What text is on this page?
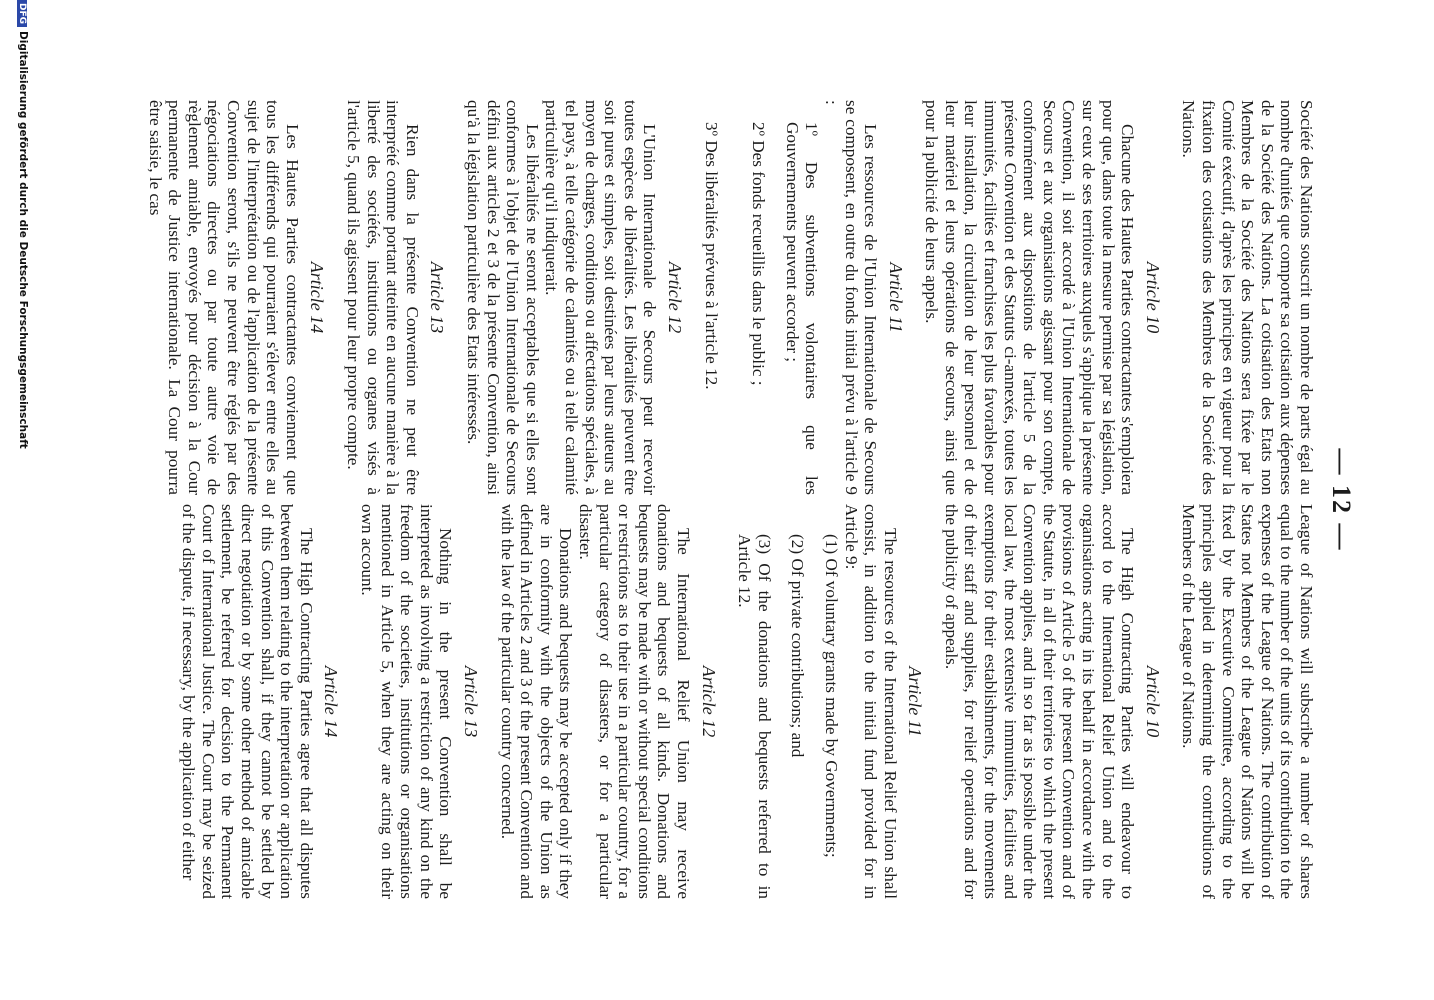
— 12 —

Société des Nations souscrit un nombre de parts égal au nombre d'unités que comporte sa cotisation aux dépenses de la Société des Nations. La cotisation des Etats non Membres de la Société des Nations sera fixée par le Comité exécutif, d'après les principes en vigueur pour la fixation des cotisations des Membres de la Société des Nations.

Article 10

Chacune des Hautes Parties contractantes s'emploiera pour que, dans toute la mesure permise par sa législation, sur ceux de ses territoires auxquels s'applique la présente Convention, il soit accordé à l'Union Internationale de Secours et aux organisations agissant pour son compte, conformément aux dispositions de l'article 5 de la présente Convention et des Statuts ci-annexés, toutes les immunités, facilités et franchises les plus favorables pour leur installation, la circulation de leur personnel et de leur matériel et leurs opérations de secours, ainsi que pour la publicité de leurs appels.

Article 11

Les ressources de l'Union Internationale de Secours se composent, en outre du fonds initial prévu à l'article 9 :

1º Des subventions volontaires que les Gouvernements peuvent accorder ;

2º Des fonds recueillis dans le public ;

3º Des libéralités prévues à l'article 12.

Article 12

L'Union Internationale de Secours peut recevoir toutes espèces de libéralités. Les libéralités peuvent être soit pures et simples, soit destinées par leurs auteurs au moyen de charges, conditions ou affectations spéciales, à tel pays, à telle catégorie de calamités ou à telle calamité particulière qu'il indiquerait.

Les libéralités ne seront acceptables que si elles sont conformes à l'objet de l'Union Internationale de Secours défini aux articles 2 et 3 de la présente Convention, ainsi qu'à la législation particulière des Etats intéressés.

Article 13

Rien dans la présente Convention ne peut être interprété comme portant atteinte en aucune manière à la liberté des sociétés, institutions ou organes visés à l'article 5, quand ils agissent pour leur propre compte.

Article 14

Les Hautes Parties contractantes conviennent que tous les différends qui pourraient s'élever entre elles au sujet de l'interprétation ou de l'application de la présente Convention seront, s'ils ne peuvent être réglés par des négociations directes ou par toute autre voie de règlement amiable, envoyés pour décision à la Cour permanente de Justice internationale. La Cour pourra être saisie, le cas

League of Nations will subscribe a number of shares equal to the number of the units of its contribution to the expenses of the League of Nations. The contribution of States not Members of the League of Nations will be fixed by the Executive Committee, according to the principles applied in determining the contributions of Members of the League of Nations.

Article 10

The High Contracting Parties will endeavour to accord to the International Relief Union and to the organisations acting in its behalf in accordance with the provisions of Article 5 of the present Convention and of the Statute, in all of their territories to which the present Convention applies, and in so far as is possible under the local law, the most extensive immunities, facilities and exemptions for their establishments, for the movements of their staff and supplies, for relief operations and for the publicity of appeals.

Article 11

The resources of the International Relief Union shall consist, in addition to the initial fund provided for in Article 9:

(1) Of voluntary grants made by Governments;

(2) Of private contributions; and

(3) Of the donations and bequests referred to in Article 12.

Article 12

The International Relief Union may receive donations and bequests of all kinds. Donations and bequests may be made with or without special conditions or restrictions as to their use in a particular country, for a particular category of disasters, or for a particular disaster.

Donations and bequests may be accepted only if they are in conformity with the objects of the Union as defined in Articles 2 and 3 of the present Convention and with the law of the particular country concerned.

Article 13

Nothing in the present Convention shall be interpreted as involving a restriction of any kind on the freedom of the societies, institutions or organisations mentioned in Article 5, when they are acting on their own account.

Article 14

The High Contracting Parties agree that all disputes between them relating to the interpretation or application of this Convention shall, if they cannot be settled by direct negotiation or by some other method of amicable settlement, be referred for decision to the Permanent Court of International Justice. The Court may be seized of the dispute, if necessary, by the application of either

DFGDigitalisierung gefördert durch die Deutsche Forschungsgemeinschaft
